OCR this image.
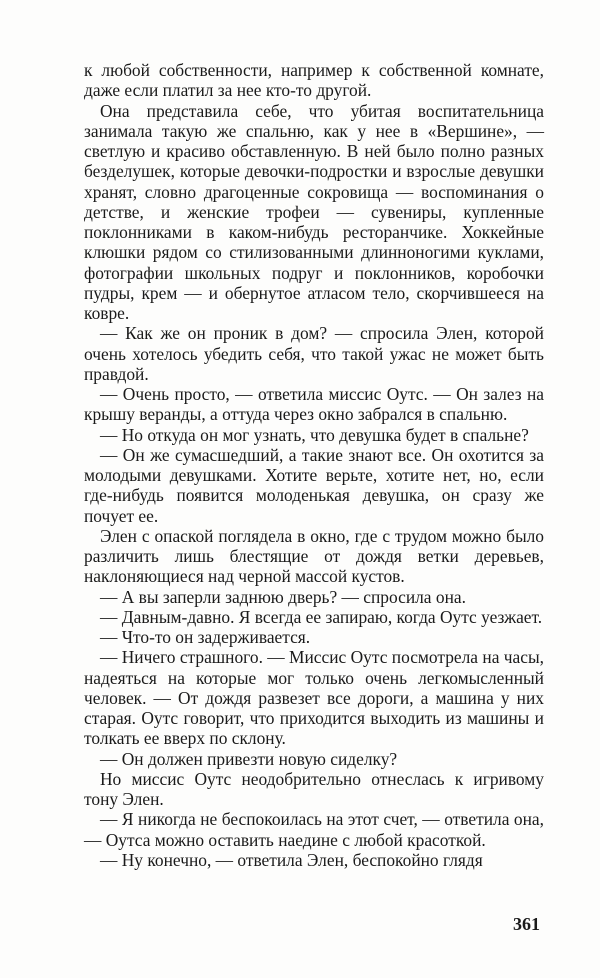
к любой собственности, например к собственной комнате, даже если платил за нее кто-то другой.

Она представила себе, что убитая воспитательница занимала такую же спальню, как у нее в «Вершине», — светлую и красиво обставленную. В ней было полно разных безделушек, которые девочки-подростки и взрослые девушки хранят, словно драгоценные сокровища — воспоминания о детстве, и женские трофеи — сувениры, купленные поклонниками в каком-нибудь ресторанчике. Хоккейные клюшки рядом со стилизованными длинноногими куклами, фотографии школьных подруг и поклонников, коробочки пудры, крем — и обернутое атласом тело, скорчившееся на ковре.

— Как же он проник в дом? — спросила Элен, которой очень хотелось убедить себя, что такой ужас не может быть правдой.

— Очень просто, — ответила миссис Оутс. — Он залез на крышу веранды, а оттуда через окно забрался в спальню.

— Но откуда он мог узнать, что девушка будет в спальне?

— Он же сумасшедший, а такие знают все. Он охотится за молодыми девушками. Хотите верьте, хотите нет, но, если где-нибудь появится молоденькая девушка, он сразу же почует ее.

Элен с опаской поглядела в окно, где с трудом можно было различить лишь блестящие от дождя ветки деревьев, наклоняющиеся над черной массой кустов.

— А вы заперли заднюю дверь? — спросила она.

— Давным-давно. Я всегда ее запираю, когда Оутс уезжает.

— Что-то он задерживается.

— Ничего страшного. — Миссис Оутс посмотрела на часы, надеяться на которые мог только очень легкомысленный человек. — От дождя развезет все дороги, а машина у них старая. Оутс говорит, что приходится выходить из машины и толкать ее вверх по склону.

— Он должен привезти новую сиделку?

Но миссис Оутс неодобрительно отнеслась к игривому тону Элен.

— Я никогда не беспокоилась на этот счет, — ответила она, — Оутса можно оставить наедине с любой красоткой.

— Ну конечно, — ответила Элен, беспокойно глядя

361
